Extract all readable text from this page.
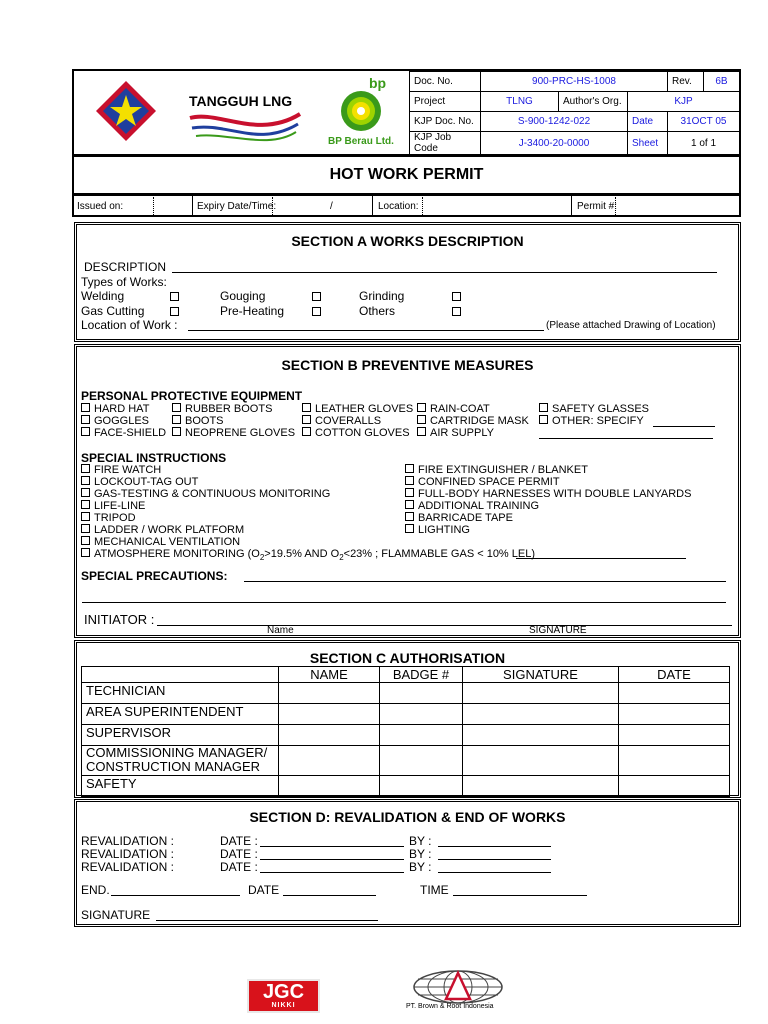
TANGGUH LNG
bp
BP Berau Ltd.
Doc. No.	900-PRC-HS-1008			Rev.	6B
Project	TLNG	Author's Org.	KJP		
KJP Doc. No.	S-900-1242-022		Date	31OCT 05	
KJP Job Code	J-3400-20-0000		Sheet	1 of 1	
HOT WORK PERMIT
Issued on:	Expiry Date/Time:	/	Location:	Permit #:
SECTION A WORKS DESCRIPTION
DESCRIPTION
Types of Works:
Welding	Gouging	Grinding
Gas Cutting	Pre-Heating	Others
Location of Work :	(Please attached Drawing of Location)
SECTION B PREVENTIVE MEASURES
PERSONAL PROTECTIVE EQUIPMENT
HARD HAT	RUBBER BOOTS	LEATHER GLOVES	RAIN-COAT	SAFETY GLASSES
GOGGLES	BOOTS	COVERALLS	CARTRIDGE MASK	OTHER: SPECIFY
FACE-SHIELD	NEOPRENE GLOVES	COTTON GLOVES	AIR SUPPLY
SPECIAL INSTRUCTIONS
FIRE WATCH
LOCKOUT-TAG OUT
GAS-TESTING & CONTINUOUS MONITORING
LIFE-LINE
TRIPOD
LADDER / WORK PLATFORM
MECHANICAL VENTILATION
FIRE EXTINGUISHER / BLANKET
CONFINED SPACE PERMIT
FULL-BODY HARNESSES WITH DOUBLE LANYARDS
ADDITIONAL TRAINING
BARRICADE TAPE
LIGHTING
ATMOSPHERE MONITORING ($O_2>19.5\%$ AND $O_2<23\%$ ; FLAMMABLE GAS < 10% LEL)
SPECIAL PRECAUTIONS:
INITIATOR :
Name	SIGNATURE
SECTION C AUTHORISATION
	NAME	BADGE #	SIGNATURE	DATE
TECHNICIAN				
AREA SUPERINTENDENT				
SUPERVISOR				
COMMISSIONING MANAGER/
CONSTRUCTION MANAGER				
SAFETY				
SECTION D: REVALIDATION & END OF WORKS
REVALIDATION :	DATE :	BY :
REVALIDATION :	DATE :	BY :
REVALIDATION :	DATE :	BY :
END.	DATE	TIME
SIGNATURE
JGC
NIKKI	PT. Brown & Root Indonesia
